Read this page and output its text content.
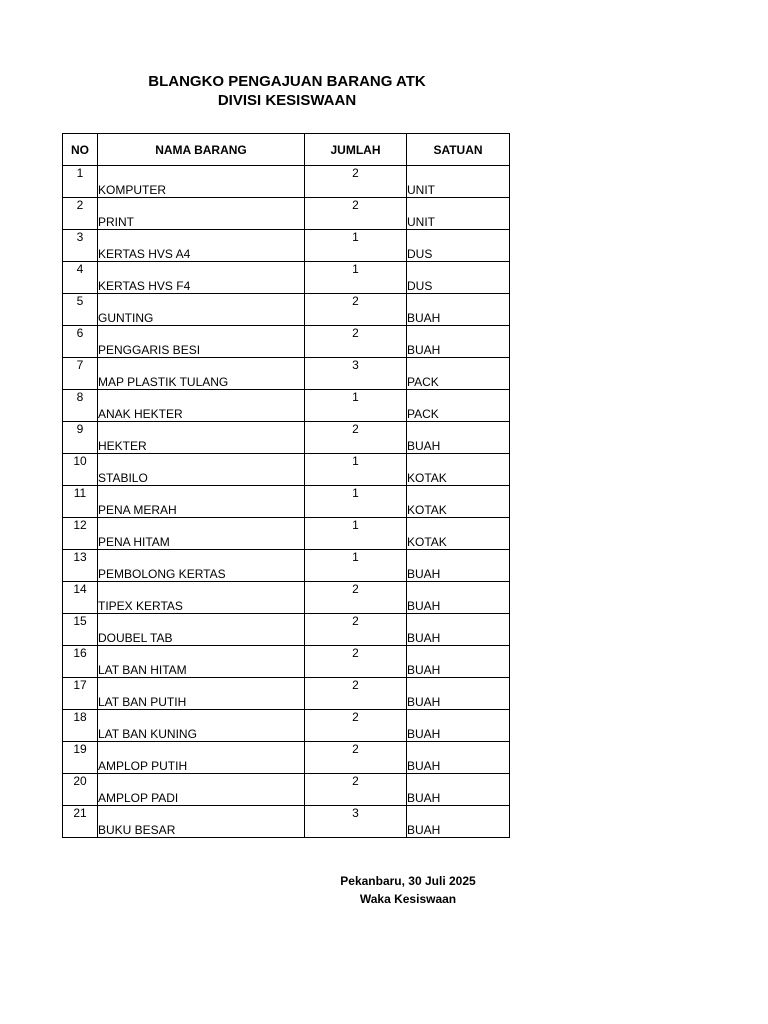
BLANGKO PENGAJUAN BARANG ATK
DIVISI KESISWAAN
NO	NAMA BARANG	JUMLAH	SATUAN
1	KOMPUTER	2	UNIT
2	PRINT	2	UNIT
3	KERTAS HVS A4	1	DUS
4	KERTAS HVS F4	1	DUS
5	GUNTING	2	BUAH
6	PENGGARIS BESI	2	BUAH
7	MAP PLASTIK TULANG	3	PACK
8	ANAK HEKTER	1	PACK
9	HEKTER	2	BUAH
10	STABILO	1	KOTAK
11	PENA MERAH	1	KOTAK
12	PENA HITAM	1	KOTAK
13	PEMBOLONG KERTAS	1	BUAH
14	TIPEX KERTAS	2	BUAH
15	DOUBEL TAB	2	BUAH
16	LAT BAN HITAM	2	BUAH
17	LAT BAN PUTIH	2	BUAH
18	LAT BAN KUNING	2	BUAH
19	AMPLOP PUTIH	2	BUAH
20	AMPLOP PADI	2	BUAH
21	BUKU BESAR	3	BUAH
Pekanbaru, 30 Juli 2025
Waka Kesiswaan
